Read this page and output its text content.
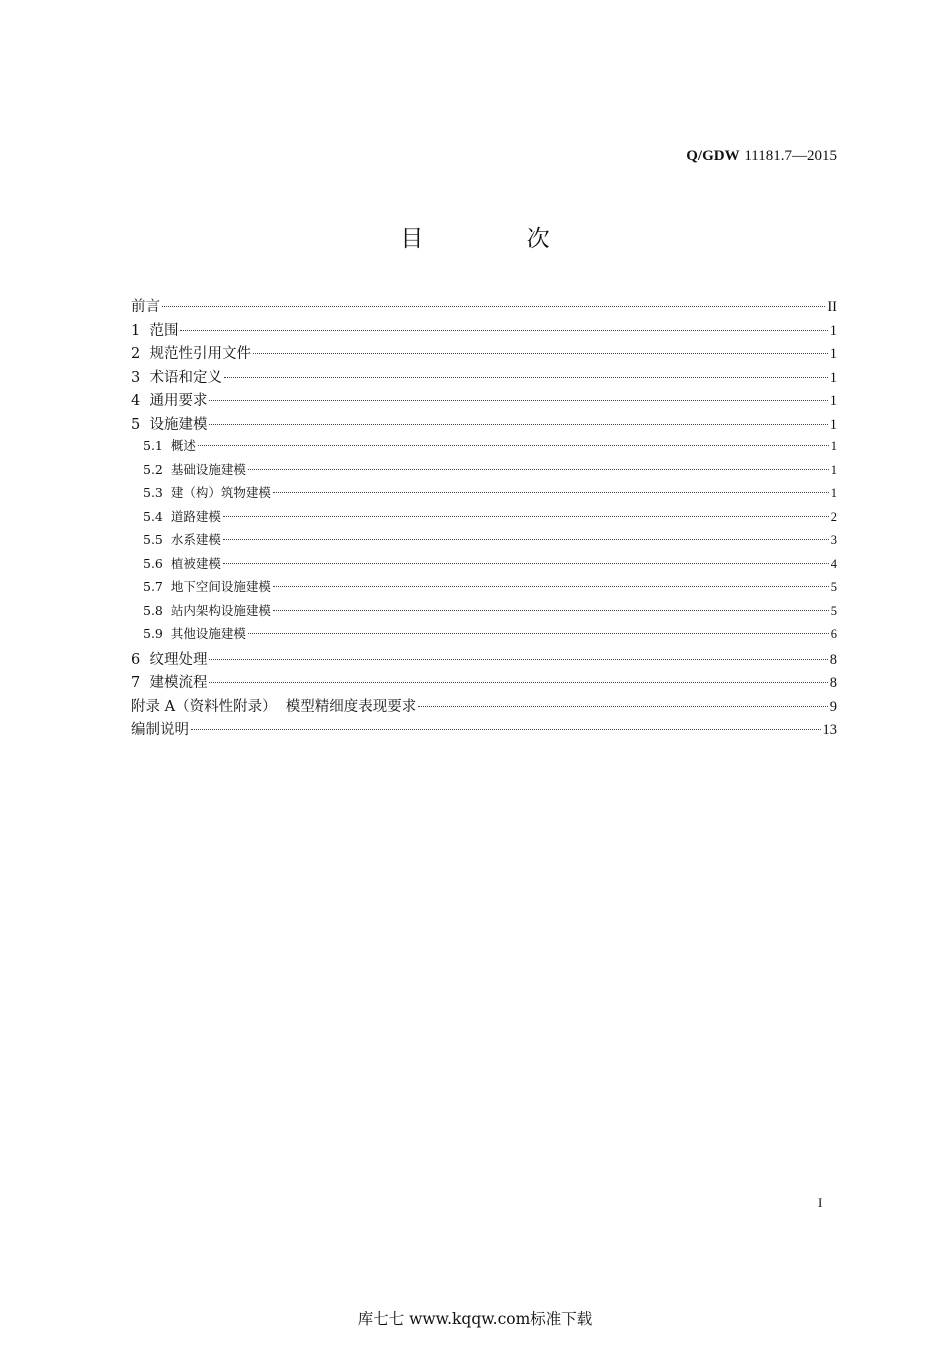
Q/GDW 11181.7—2015
目 次
前言	II
1  范围	1
2  规范性引用文件	1
3  术语和定义	1
4  通用要求	1
5  设施建模	1
5.1  概述	1
5.2  基础设施建模	1
5.3  建（构）筑物建模	1
5.4  道路建模	2
5.5  水系建模	3
5.6  植被建模	4
5.7  地下空间设施建模	5
5.8  站内架构设施建模	5
5.9  其他设施建模	6
6  纹理处理	8
7  建模流程	8
附录 A（资料性附录）  模型精细度表现要求	9
编制说明	13
I
库七七 www.kqqw.com标准下载
